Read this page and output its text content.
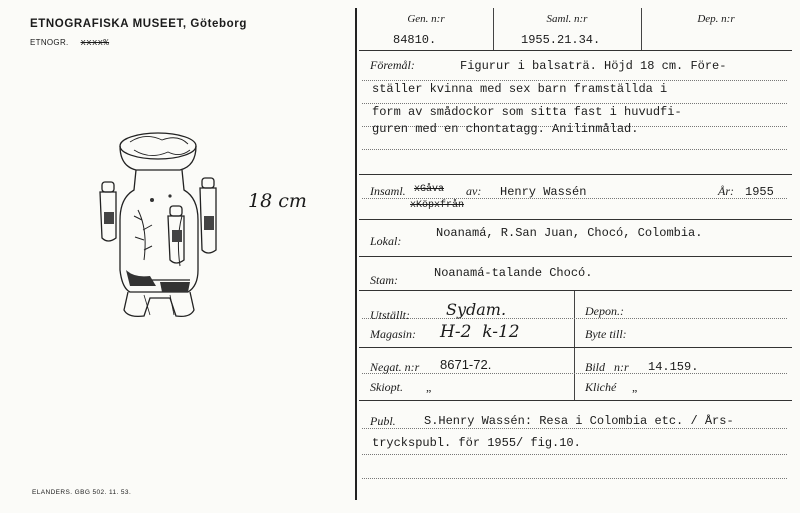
ETNOGRAFISKA MUSEET, Göteborg
ETNOGR. xxxx%
18 cm
ELANDERS. GBG 502. 11. 53.
Gen. n:r
84810.
Saml. n:r
1955.21.34.
Dep. n:r
Föremål:	Figurur i balsaträ. Höjd 18 cm. Före-
ställer kvinna med sex barn framställda i
form av smådockor som sitta fast i huvudfi-
guren med en chontatagg. Anilinmålad.
Insaml. xGåva av:
xKöpxfrån
Henry Wassén	År: 1955
Lokal:
Noanamá, R.San Juan, Chocó, Colombia.
Stam:	Noanamá-talande Chocó.
Utställt: Sydam.
Magasin: H-2  k-12
Depon.:
Byte till:
Negat. n:r 8671-72.
Skiopt. „
Bild   n:r 14.159.
Kliché „
Publ. S.Henry Wassén: Resa i Colombia etc. / Års-
tryckspubl. för 1955/ fig.10.
